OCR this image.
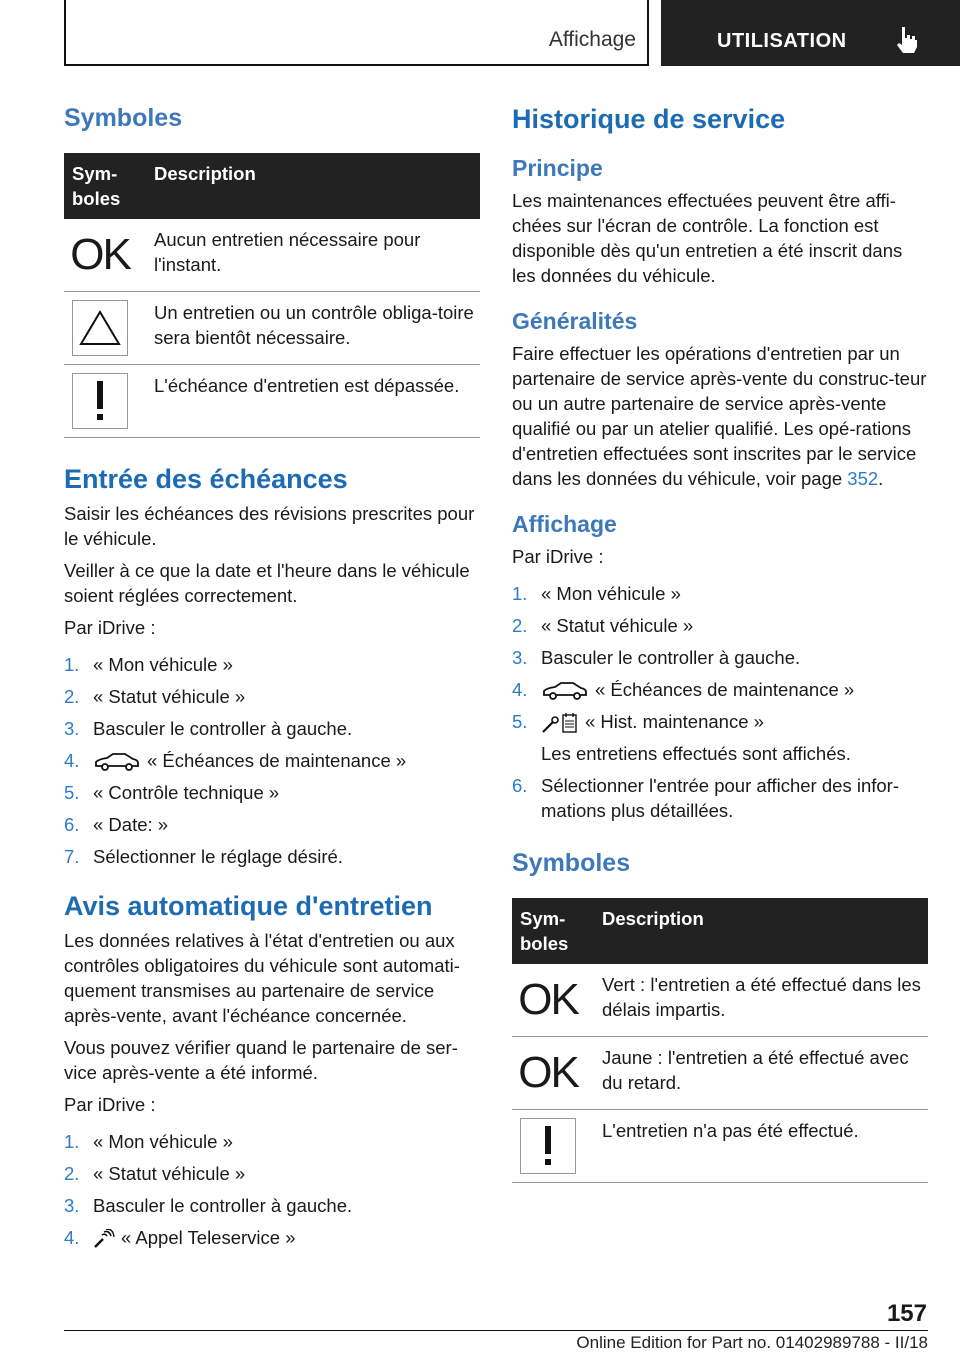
Affichage	UTILISATION
Symboles
Sym-
boles	Description

OK	Aucun entretien nécessaire pour l'instant.

	Un entretien ou un contrôle obliga-toire sera bientôt nécessaire.

	L'échéance d'entretien est dépassée.
Entrée des échéances

Saisir les échéances des révisions prescrites pour le véhicule.

Veiller à ce que la date et l'heure dans le véhicule soient réglées correctement.

Par iDrive :

1. « Mon véhicule »
2. « Statut véhicule »
3. Basculer le controller à gauche.
4.	« Échéances de maintenance »
5. « Contrôle technique »
6. « Date: »
7. Sélectionner le réglage désiré.
Avis automatique d'entretien

Les données relatives à l'état d'entretien ou aux contrôles obligatoires du véhicule sont automati-quement transmises au partenaire de service après-vente, avant l'échéance concernée.

Vous pouvez vérifier quand le partenaire de ser-vice après-vente a été informé.

Par iDrive :

1. « Mon véhicule »
2. « Statut véhicule »
3. Basculer le controller à gauche.
4. « Appel Teleservice »
Historique de service
Principe

Les maintenances effectuées peuvent être affi-chées sur l'écran de contrôle. La fonction est disponible dès qu'un entretien a été inscrit dans les données du véhicule.

Généralités

Faire effectuer les opérations d'entretien par un partenaire de service après-vente du construc-teur ou un autre partenaire de service après-vente qualifié ou par un atelier qualifié. Les opé-rations d'entretien effectuées sont inscrites par le service dans les données du véhicule, voir page 352.

Affichage

Par iDrive :

1. « Mon véhicule »
2. « Statut véhicule »
3. Basculer le controller à gauche.
4.	« Échéances de maintenance »
5.	« Hist. maintenance »
Les entretiens effectués sont affichés.
6. Sélectionner l'entrée pour afficher des infor-mations plus détaillées.
Symboles
Sym-
boles	Description

OK	Vert : l'entretien a été effectué dans les délais impartis.

OK	Jaune : l'entretien a été effectué avec du retard.

	L'entretien n'a pas été effectué.
157
Online Edition for Part no. 01402989788 - II/18
